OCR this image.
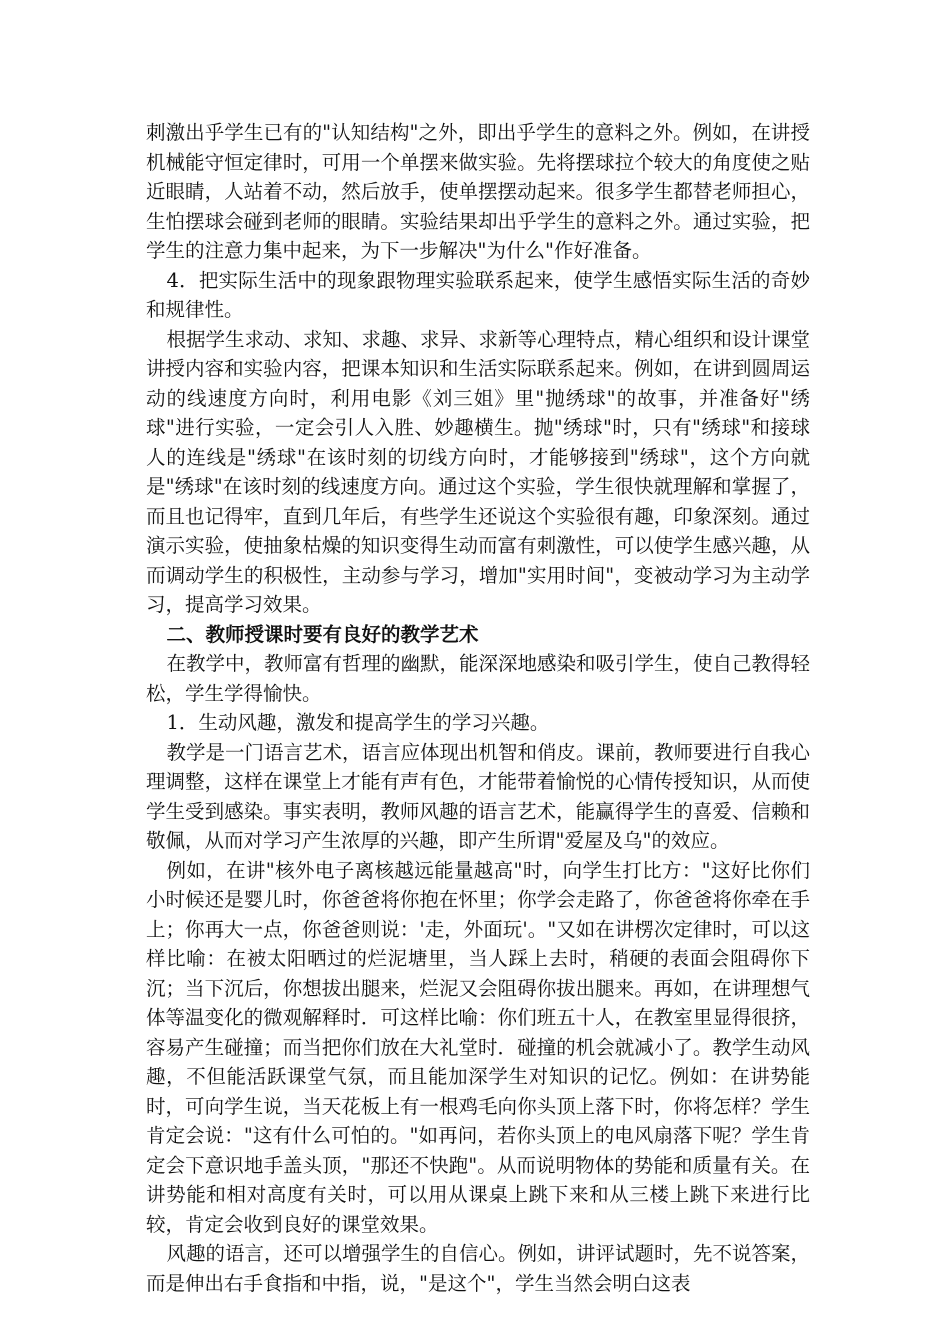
刺激出乎学生已有的"认知结构"之外，即出乎学生的意料之外。例如，在讲授机械能守恒定律时，可用一个单摆来做实验。先将摆球拉个较大的角度使之贴近眼睛，人站着不动，然后放手，使单摆摆动起来。很多学生都替老师担心，生怕摆球会碰到老师的眼睛。实验结果却出乎学生的意料之外。通过实验，把学生的注意力集中起来，为下一步解决"为什么"作好准备。

4．把实际生活中的现象跟物理实验联系起来，使学生感悟实际生活的奇妙和规律性。

根据学生求动、求知、求趣、求异、求新等心理特点，精心组织和设计课堂讲授内容和实验内容，把课本知识和生活实际联系起来。例如，在讲到圆周运动的线速度方向时，利用电影《刘三姐》里"抛绣球"的故事，并准备好"绣球"进行实验，一定会引人入胜、妙趣横生。抛"绣球"时，只有"绣球"和接球人的连线是"绣球"在该时刻的切线方向时，才能够接到"绣球"，这个方向就是"绣球"在该时刻的线速度方向。通过这个实验，学生很快就理解和掌握了，而且也记得牢，直到几年后，有些学生还说这个实验很有趣，印象深刻。通过演示实验，使抽象枯燥的知识变得生动而富有刺激性，可以使学生感兴趣，从而调动学生的积极性，主动参与学习，增加"实用时间"，变被动学习为主动学习，提高学习效果。

二、教师授课时要有良好的教学艺术

在教学中，教师富有哲理的幽默，能深深地感染和吸引学生，使自己教得轻松，学生学得愉快。

1．生动风趣，激发和提高学生的学习兴趣。

教学是一门语言艺术，语言应体现出机智和俏皮。课前，教师要进行自我心理调整，这样在课堂上才能有声有色，才能带着愉悦的心情传授知识，从而使学生受到感染。事实表明，教师风趣的语言艺术，能赢得学生的喜爱、信赖和敬佩，从而对学习产生浓厚的兴趣，即产生所谓"爱屋及乌"的效应。

例如，在讲"核外电子离核越远能量越高"时，向学生打比方："这好比你们小时候还是婴儿时，你爸爸将你抱在怀里；你学会走路了，你爸爸将你牵在手上；你再大一点，你爸爸则说：'走，外面玩'。"又如在讲楞次定律时，可以这样比喻：在被太阳晒过的烂泥塘里，当人踩上去时，稍硬的表面会阻碍你下沉；当下沉后，你想拔出腿来，烂泥又会阻碍你拔出腿来。再如，在讲理想气体等温变化的微观解释时．可这样比喻：你们班五十人，在教室里显得很挤，容易产生碰撞；而当把你们放在大礼堂时．碰撞的机会就减小了。教学生动风趣，不但能活跃课堂气氛，而且能加深学生对知识的记忆。例如：在讲势能时，可向学生说，当天花板上有一根鸡毛向你头顶上落下时，你将怎样？学生肯定会说："这有什么可怕的。"如再问，若你头顶上的电风扇落下呢？学生肯定会下意识地手盖头顶，"那还不快跑"。从而说明物体的势能和质量有关。在讲势能和相对高度有关时，可以用从课桌上跳下来和从三楼上跳下来进行比较，肯定会收到良好的课堂效果。

风趣的语言，还可以增强学生的自信心。例如，讲评试题时，先不说答案，而是伸出右手食指和中指，说，"是这个"，学生当然会明白这表
